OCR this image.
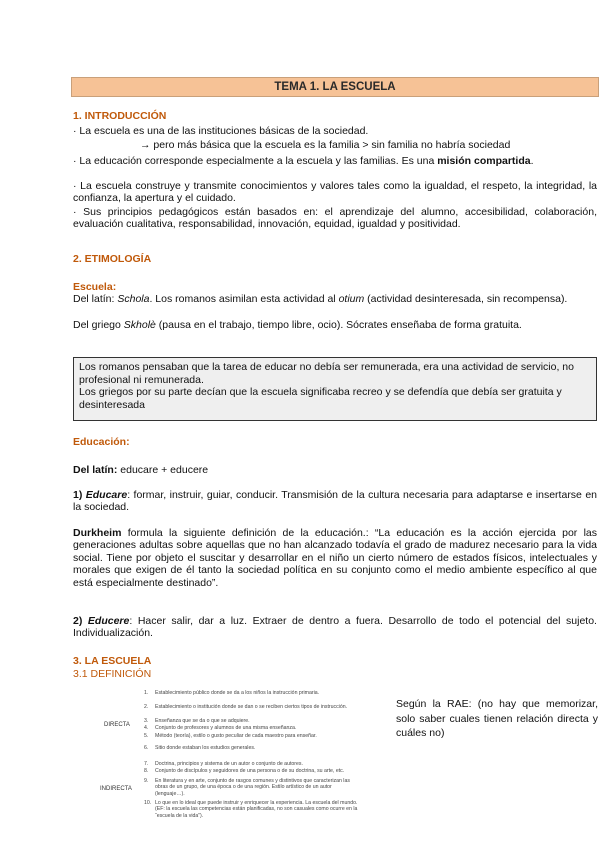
TEMA 1. LA ESCUELA
1. INTRODUCCIÓN
· La escuela es una de las instituciones básicas de la sociedad.
→ pero más básica que la escuela es la familia > sin familia no habría sociedad
· La educación corresponde especialmente a la escuela y las familias. Es una misión compartida.
· La escuela construye y transmite conocimientos y valores tales como la igualdad, el respeto, la integridad, la confianza, la apertura y el cuidado.
· Sus principios pedagógicos están basados en: el aprendizaje del alumno, accesibilidad, colaboración, evaluación cualitativa, responsabilidad, innovación, equidad, igualdad y positividad.
2. ETIMOLOGÍA
Escuela:
Del latín: Schola. Los romanos asimilan esta actividad al otium (actividad desinteresada, sin recompensa).
Del griego Skholè (pausa en el trabajo, tiempo libre, ocio). Sócrates enseñaba de forma gratuita.
Los romanos pensaban que la tarea de educar no debía ser remunerada, era una actividad de servicio, no profesional ni remunerada.
Los griegos por su parte decían que la escuela significaba recreo y se defendía que debía ser gratuita y desinteresada
Educación:
Del latín: educare + educere
1) Educare: formar, instruir, guiar, conducir. Transmisión de la cultura necesaria para adaptarse e insertarse en la sociedad.
Durkheim formula la siguiente definición de la educación.: “La educación es la acción ejercida por las generaciones adultas sobre aquellas que no han alcanzado todavía el grado de madurez necesario para la vida social. Tiene por objeto el suscitar y desarrollar en el niño un cierto número de estados físicos, intelectuales y morales que exigen de él tanto la sociedad política en su conjunto como el medio ambiente específico al que está especialmente destinado”.
2) Educere: Hacer salir, dar a luz. Extraer de dentro a fuera. Desarrollo de todo el potencial del sujeto. Individualización.
3. LA ESCUELA
3.1 DEFINICIÓN
DIRECTA
INDIRECTA
1. Establecimiento público donde se da a los niños la instrucción primaria.
2. Establecimiento o institución donde se dan o se reciben ciertos tipos de instrucción.
3. Enseñanza que se da o que se adquiere.
4. Conjunto de profesores y alumnos de una misma enseñanza.
5. Método (teoría), estilo o gusto peculiar de cada maestro para enseñar.
6. Sitio donde estaban los estudios generales.
7. Doctrina, principios y sistema de un autor o conjunto de autores.
8. Conjunto de discípulos y seguidores de una persona o de su doctrina, su arte, etc.
9. En literatura y en arte, conjunto de rasgos comunes y distintivos que caracterizan las obras de un grupo, de una época o de una región. Estilo artístico de un autor (lenguaje…).
10. Lo que en lo ideal que puede instruir y enriquecer la experiencia. La escuela del mundo. (EF: la escuela las competencias están planificadas, no son casuales como ocurre en la “escuela de la vida”).
Según la RAE: (no hay que memorizar, solo saber cuales tienen relación directa y cuáles no)
